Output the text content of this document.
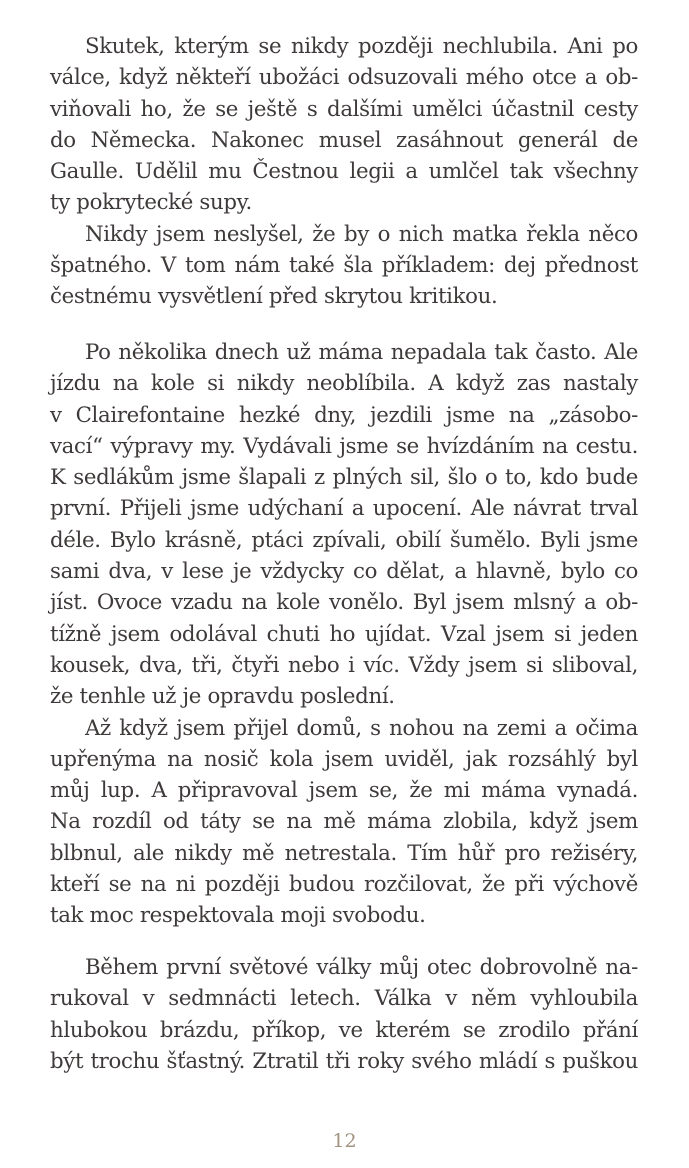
Skutek, kterým se nikdy později nechlubila. Ani po
válce, když někteří ubožáci odsuzovali mého otce a ob-
viňovali ho, že se ještě s dalšími umělci účastnil cesty
do Německa. Nakonec musel zasáhnout generál de
Gaulle. Udělil mu Čestnou legii a umlčel tak všechny
ty pokrytecké supy.
Nikdy jsem neslyšel, že by o nich matka řekla něco
špatného. V tom nám také šla příkladem: dej přednost
čestnému vysvětlení před skrytou kritikou.
Po několika dnech už máma nepadala tak často. Ale
jízdu na kole si nikdy neoblíbila. A když zas nastaly
v Clairefontaine hezké dny, jezdili jsme na „zásobo-
vací“ výpravy my. Vydávali jsme se hvízdáním na cestu.
K sedlákům jsme šlapali z plných sil, šlo o to, kdo bude
první. Přijeli jsme udýchaní a upocení. Ale návrat trval
déle. Bylo krásně, ptáci zpívali, obilí šumělo. Byli jsme
sami dva, v lese je vždycky co dělat, a hlavně, bylo co
jíst. Ovoce vzadu na kole vonělo. Byl jsem mlsný a ob-
tížně jsem odolával chuti ho ujídat. Vzal jsem si jeden
kousek, dva, tři, čtyři nebo i víc. Vždy jsem si sliboval,
že tenhle už je opravdu poslední.
Až když jsem přijel domů, s nohou na zemi a očima
upřenýma na nosič kola jsem uviděl, jak rozsáhlý byl
můj lup. A připravoval jsem se, že mi máma vynadá.
Na rozdíl od táty se na mě máma zlobila, když jsem
blbnul, ale nikdy mě netrestala. Tím hůř pro režiséry,
kteří se na ni později budou rozčilovat, že při výchově
tak moc respektovala moji svobodu.
Během první světové války můj otec dobrovolně na-
rukoval v sedmnácti letech. Válka v něm vyhloubila
hlubokou brázdu, příkop, ve kterém se zrodilo přání
být trochu šťastný. Ztratil tři roky svého mládí s puškou
12
